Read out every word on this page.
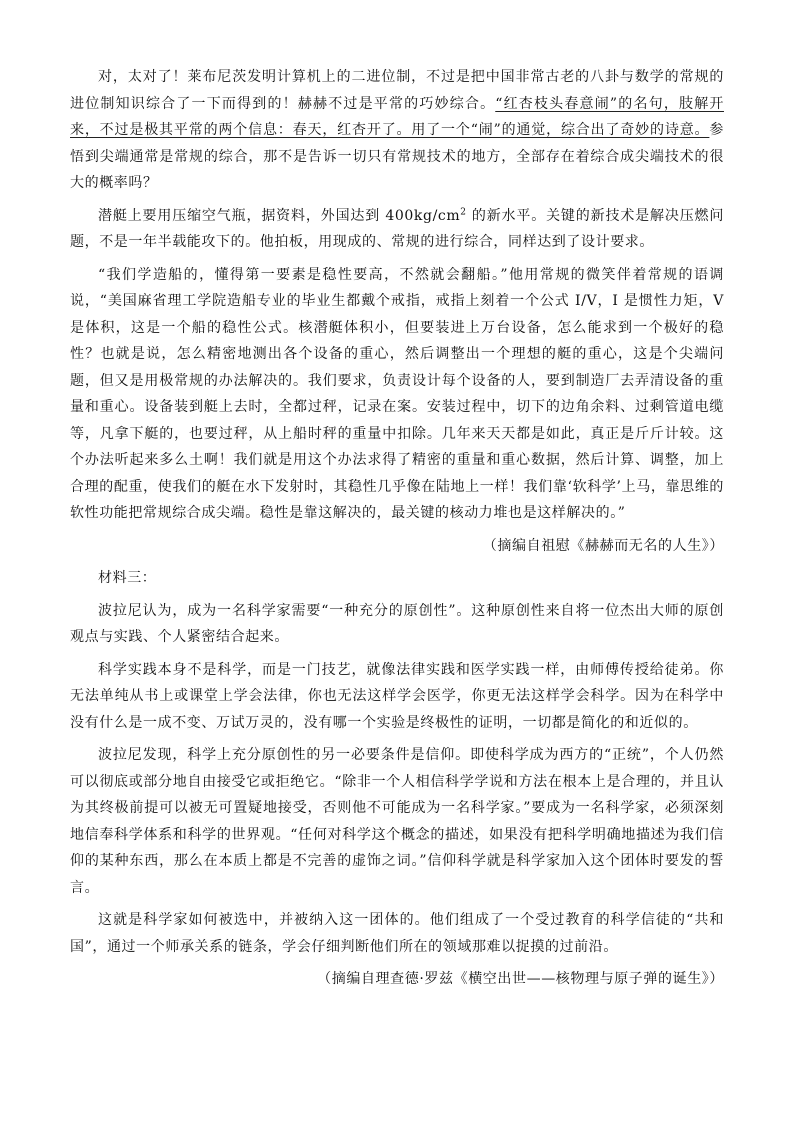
对，太对了！莱布尼茨发明计算机上的二进位制，不过是把中国非常古老的八卦与数学的常规的进位制知识综合了一下而得到的！赫赫不过是平常的巧妙综合。“红杏枝头春意闹”的名句，肢解开来，不过是极其平常的两个信息：春天，红杏开了。用了一个“闹”的通觉，综合出了奇妙的诗意。参悟到尖端通常是常规的综合，那不是告诉一切只有常规技术的地方，全部存在着综合成尖端技术的很大的概率吗？

潜艇上要用压缩空气瓶，据资料，外国达到 $400kg/cm^2$ 的新水平。关键的新技术是解决压燃问题，不是一年半载能攻下的。他拍板，用现成的、常规的进行综合，同样达到了设计要求。

“我们学造船的，懂得第一要素是稳性要高，不然就会翻船。”他用常规的微笑伴着常规的语调说，“美国麻省理工学院造船专业的毕业生都戴个戒指，戒指上刻着一个公式 I/V，I 是惯性力矩，V 是体积，这是一个船的稳性公式。核潜艇体积小，但要装进上万台设备，怎么能求到一个极好的稳性？也就是说，怎么精密地测出各个设备的重心，然后调整出一个理想的艇的重心，这是个尖端问题，但又是用极常规的办法解决的。我们要求，负责设计每个设备的人，要到制造厂去弄清设备的重量和重心。设备装到艇上去时，全都过秤，记录在案。安装过程中，切下的边角余料、过剩管道电缆等，凡拿下艇的，也要过秤，从上船时秤的重量中扣除。几年来天天都是如此，真正是斤斤计较。这个办法听起来多么土啊！我们就是用这个办法求得了精密的重量和重心数据，然后计算、调整，加上合理的配重，使我们的艇在水下发射时，其稳性几乎像在陆地上一样！我们靠‘软科学’上马，靠思维的软性功能把常规综合成尖端。稳性是靠这解决的，最关键的核动力堆也是这样解决的。”

（摘编自祖慰《赫赫而无名的人生》）

材料三：

波拉尼认为，成为一名科学家需要“一种充分的原创性”。这种原创性来自将一位杰出大师的原创观点与实践、个人紧密结合起来。

科学实践本身不是科学，而是一门技艺，就像法律实践和医学实践一样，由师傅传授给徒弟。你无法单纯从书上或课堂上学会法律，你也无法这样学会医学，你更无法这样学会科学。因为在科学中没有什么是一成不变、万试万灵的，没有哪一个实验是终极性的证明，一切都是简化的和近似的。

波拉尼发现，科学上充分原创性的另一必要条件是信仰。即使科学成为西方的“正统”，个人仍然可以彻底或部分地自由接受它或拒绝它。“除非一个人相信科学学说和方法在根本上是合理的，并且认为其终极前提可以被无可置疑地接受，否则他不可能成为一名科学家。”要成为一名科学家，必须深刻地信奉科学体系和科学的世界观。“任何对科学这个概念的描述，如果没有把科学明确地描述为我们信仰的某种东西，那么在本质上都是不完善的虚饰之词。”信仰科学就是科学家加入这个团体时要发的誓言。

这就是科学家如何被选中，并被纳入这一团体的。他们组成了一个受过教育的科学信徒的“共和国”，通过一个师承关系的链条，学会仔细判断他们所在的领域那难以捉摸的过前沿。

（摘编自理查德·罗兹《横空出世——核物理与原子弹的诞生》）
